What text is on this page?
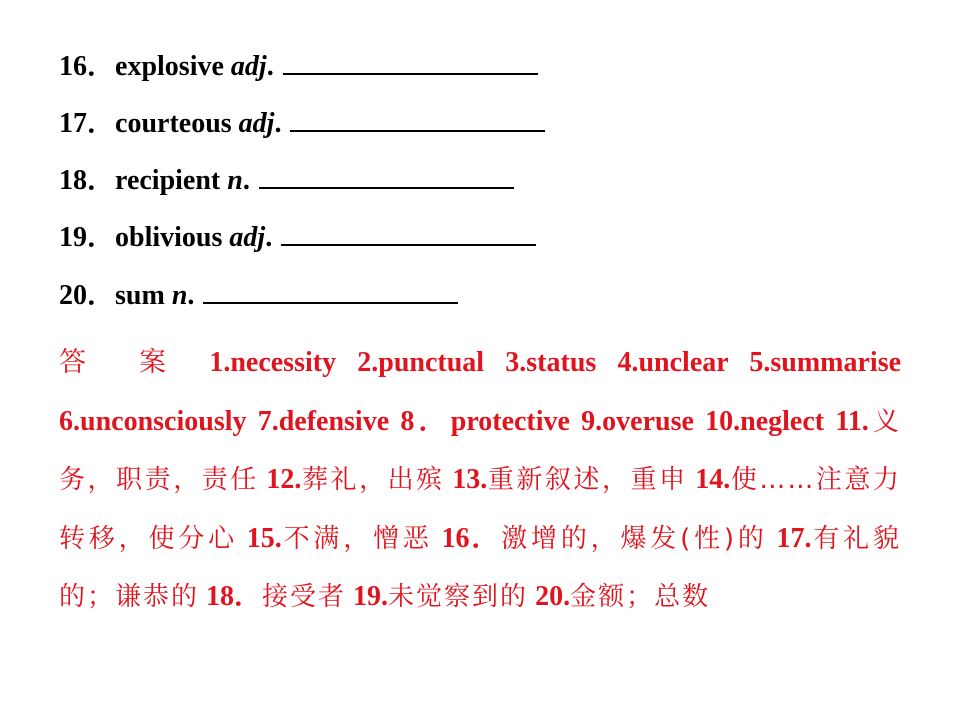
16．explosive adj.
17．courteous adj.
18．recipient n.
19．oblivious adj.
20．sum n.
答 案 1.necessity 2.punctual 3.status 4.unclear 5.summarise 6.unconsciously 7.defensive 8．protective 9.overuse 10.neglect 11.义务，职责，责任 12.葬礼，出殡 13.重新叙述，重申 14.使……注意力转移，使分心 15.不满，憎恶 16．激增的，爆发(性)的 17.有礼貌的；谦恭的 18．接受者 19.未觉察到的 20.金额；总数
